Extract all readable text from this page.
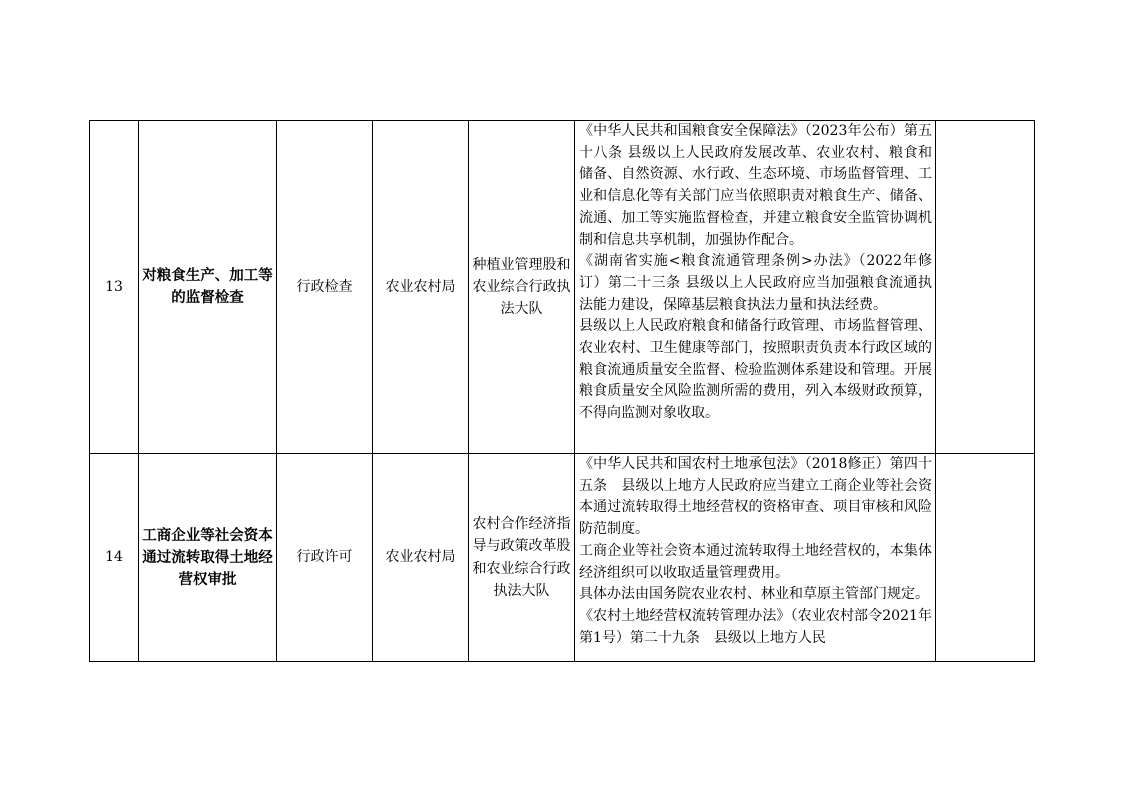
13	对粮食生产、加工等的监督检查	行政检查	农业农村局	种植业管理股和农业综合行政执法大队	《中华人民共和国粮食安全保障法》（2023年公布）第五十八条 县级以上人民政府发展改革、农业农村、粮食和储备、自然资源、水行政、生态环境、市场监督管理、工业和信息化等有关部门应当依照职责对粮食生产、储备、流通、加工等实施监督检查，并建立粮食安全监管协调机制和信息共享机制，加强协作配合。
《湖南省实施<粮食流通管理条例>办法》（2022年修订）第二十三条 县级以上人民政府应当加强粮食流通执法能力建设，保障基层粮食执法力量和执法经费。
县级以上人民政府粮食和储备行政管理、市场监督管理、农业农村、卫生健康等部门，按照职责负责本行政区域的粮食流通质量安全监督、检验监测体系建设和管理。开展粮食质量安全风险监测所需的费用，列入本级财政预算，不得向监测对象收取。	

14	工商企业等社会资本通过流转取得土地经营权审批	行政许可	农业农村局	农村合作经济指导与政策改革股和农业综合行政执法大队	《中华人民共和国农村土地承包法》（2018修正）第四十五条　县级以上地方人民政府应当建立工商企业等社会资本通过流转取得土地经营权的资格审查、项目审核和风险防范制度。
工商企业等社会资本通过流转取得土地经营权的，本集体经济组织可以收取适量管理费用。
具体办法由国务院农业农村、林业和草原主管部门规定。
《农村土地经营权流转管理办法》（农业农村部令2021年第1号）第二十九条　县级以上地方人民	
